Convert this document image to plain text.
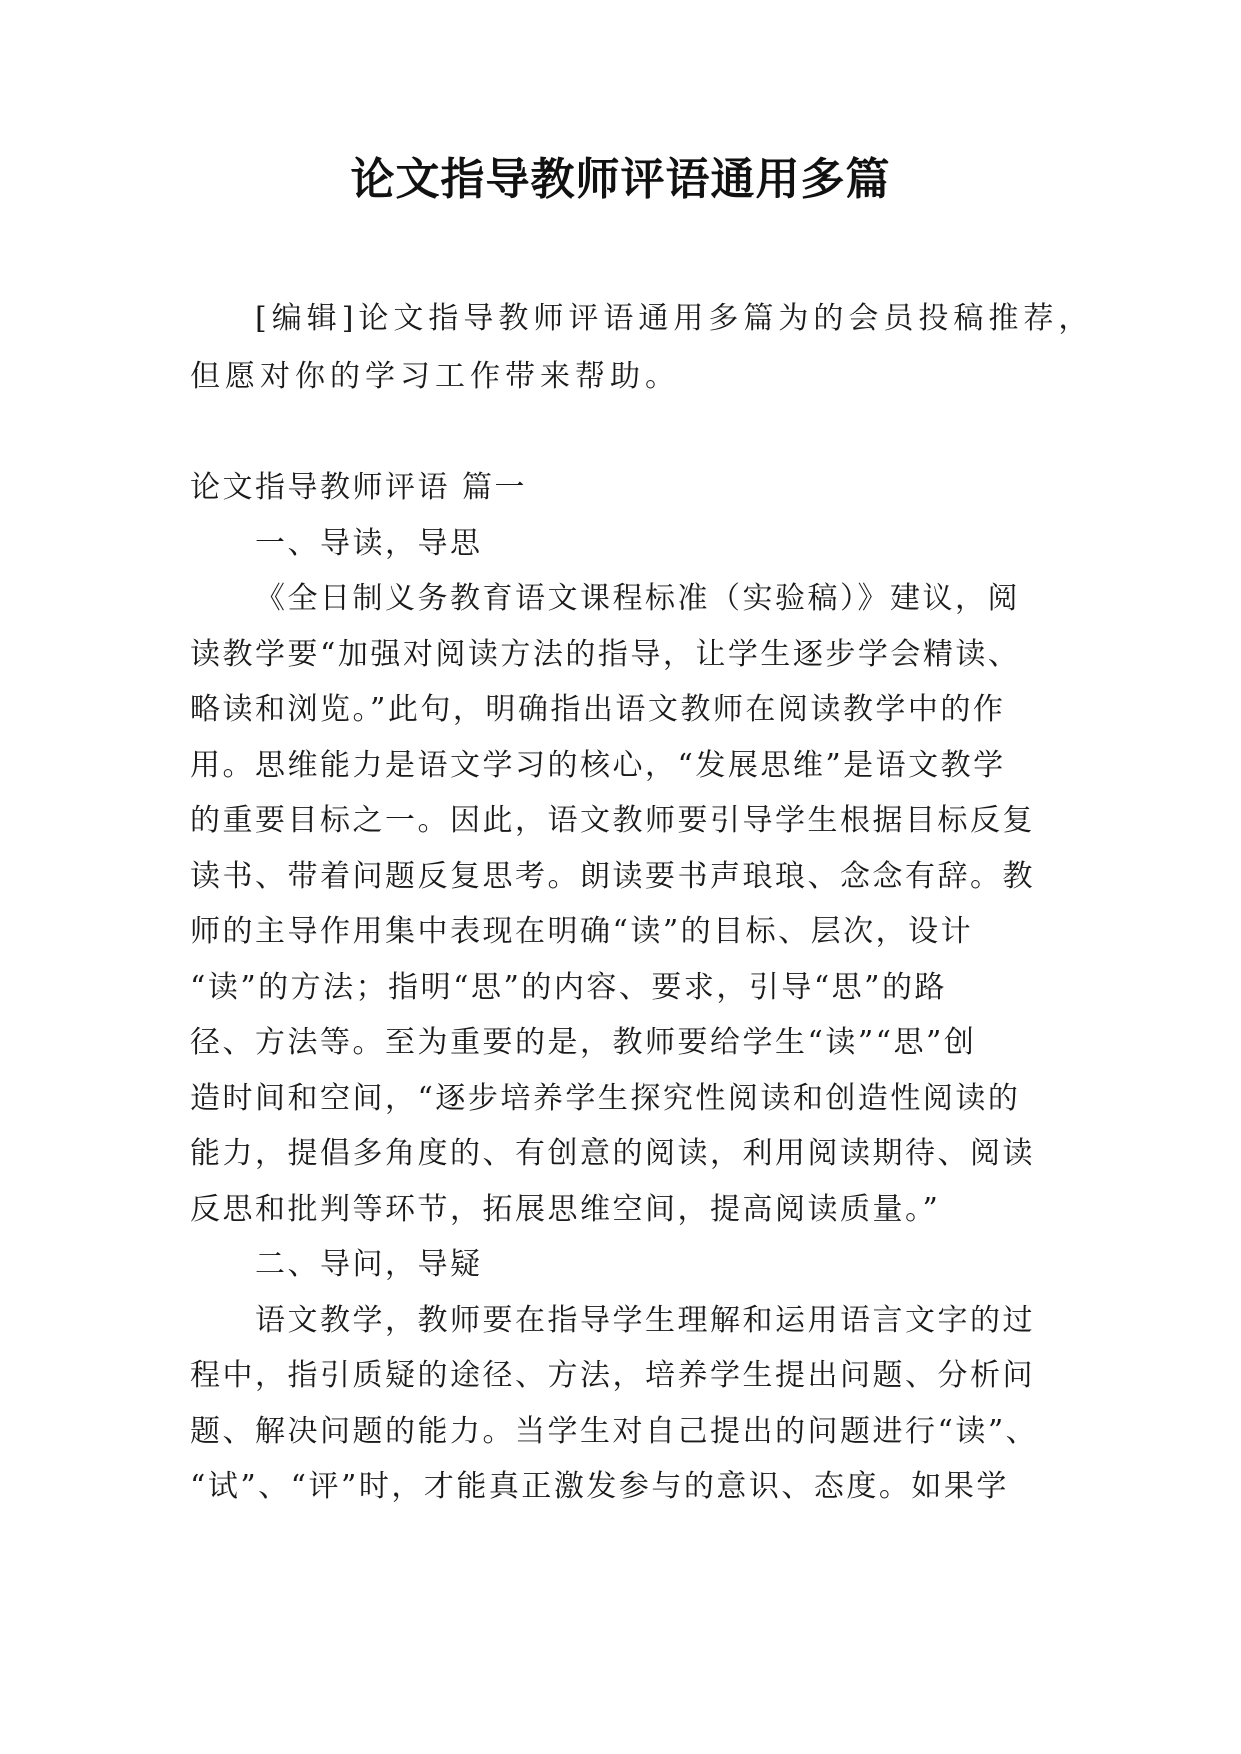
论文指导教师评语通用多篇
[编辑]论文指导教师评语通用多篇为的会员投稿推荐，
但愿对你的学习工作带来帮助。
论文指导教师评语 篇一
一、导读，导思
《全日制义务教育语文课程标准（实验稿）》建议，阅
读教学要“加强对阅读方法的指导，让学生逐步学会精读、
略读和浏览。”此句，明确指出语文教师在阅读教学中的作
用。思维能力是语文学习的核心，“发展思维”是语文教学
的重要目标之一。因此，语文教师要引导学生根据目标反复
读书、带着问题反复思考。朗读要书声琅琅、念念有辞。教
师的主导作用集中表现在明确“读”的目标、层次，设计
“读”的方法；指明“思”的内容、要求，引导“思”的路
径、方法等。至为重要的是，教师要给学生“读”“思”创
造时间和空间，“逐步培养学生探究性阅读和创造性阅读的
能力，提倡多角度的、有创意的阅读，利用阅读期待、阅读
反思和批判等环节，拓展思维空间，提高阅读质量。”
二、导问，导疑
语文教学，教师要在指导学生理解和运用语言文字的过
程中，指引质疑的途径、方法，培养学生提出问题、分析问
题、解决问题的能力。当学生对自己提出的问题进行“读”、
“试”、“评”时，才能真正激发参与的意识、态度。如果学
